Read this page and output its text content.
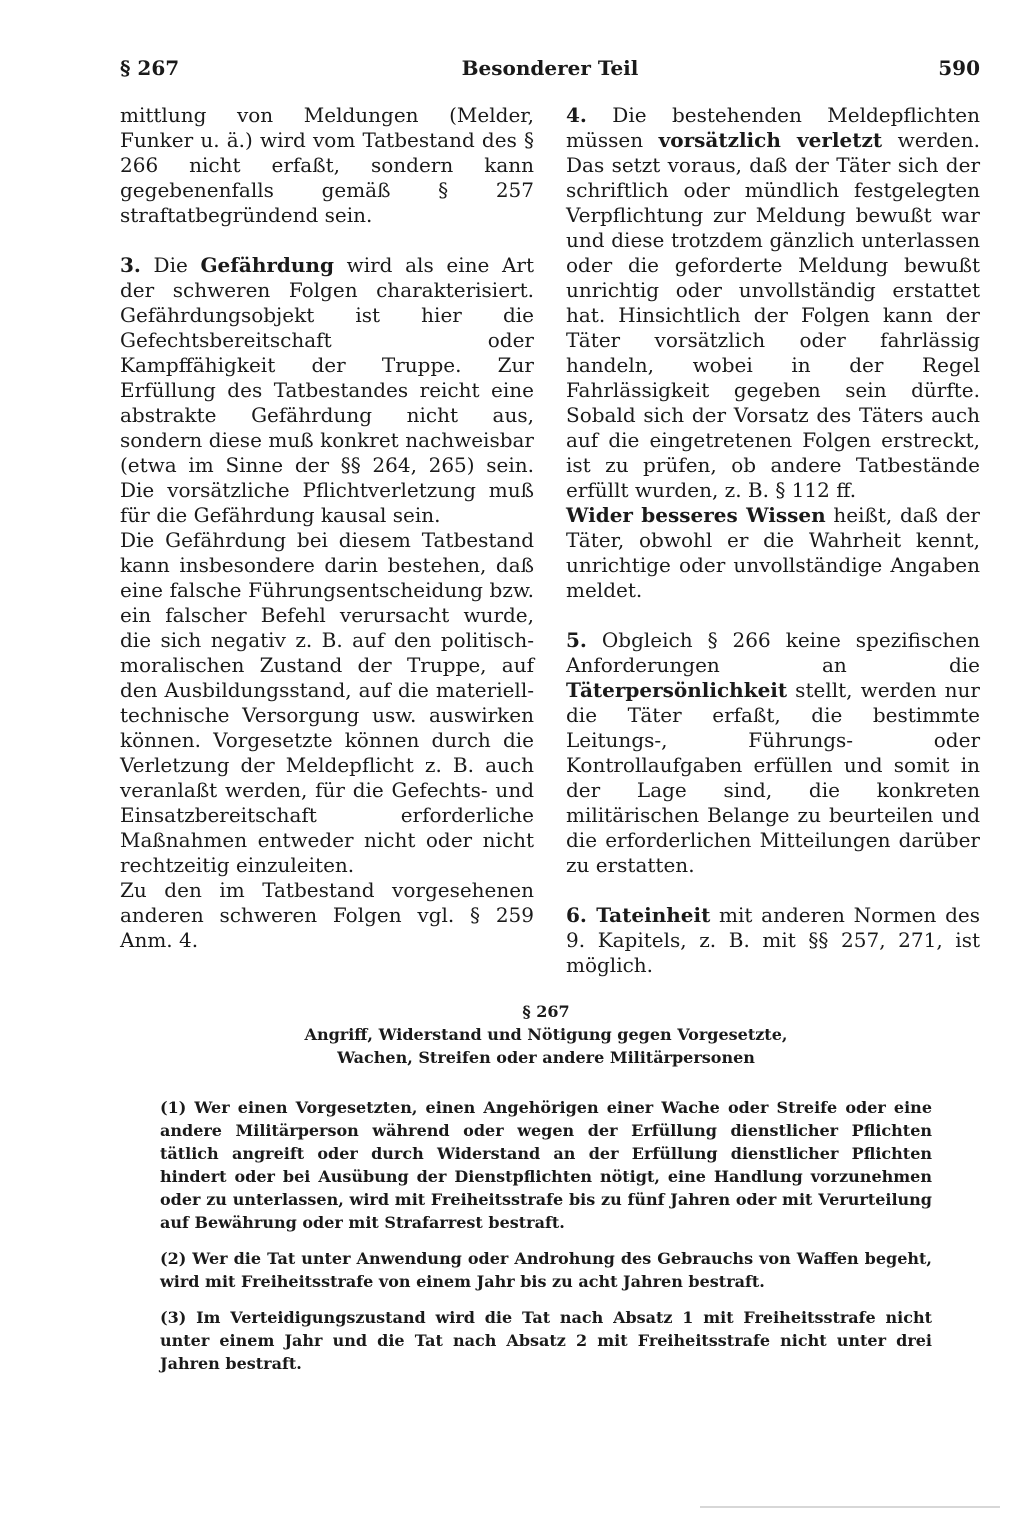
§ 267	Besonderer Teil	590

mittlung von Meldungen (Melder, Funker u. ä.) wird vom Tatbestand des § 266 nicht erfaßt, sondern kann gegebenenfalls gemäß § 257 straftatbegründend sein.

3. Die Gefährdung wird als eine Art der schweren Folgen charakterisiert. Gefährdungsobjekt ist hier die Gefechtsbereitschaft oder Kampffähigkeit der Truppe. Zur Erfüllung des Tatbestandes reicht eine abstrakte Gefährdung nicht aus, sondern diese muß konkret nachweisbar (etwa im Sinne der §§ 264, 265) sein. Die vorsätzliche Pflichtverletzung muß für die Gefährdung kausal sein.

Die Gefährdung bei diesem Tatbestand kann insbesondere darin bestehen, daß eine falsche Führungsentscheidung bzw. ein falscher Befehl verursacht wurde, die sich negativ z. B. auf den politisch-moralischen Zustand der Truppe, auf den Ausbildungsstand, auf die materiell-technische Versorgung usw. auswirken können. Vorgesetzte können durch die Verletzung der Meldepflicht z. B. auch veranlaßt werden, für die Gefechts- und Einsatzbereitschaft erforderliche Maßnahmen entweder nicht oder nicht rechtzeitig einzuleiten.

Zu den im Tatbestand vorgesehenen anderen schweren Folgen vgl. § 259 Anm. 4.

4. Die bestehenden Meldepflichten müssen vorsätzlich verletzt werden. Das setzt voraus, daß der Täter sich der schriftlich oder mündlich festgelegten Verpflichtung zur Meldung bewußt war und diese trotzdem gänzlich unterlassen oder die geforderte Meldung bewußt unrichtig oder unvollständig erstattet hat. Hinsichtlich der Folgen kann der Täter vorsätzlich oder fahrlässig handeln, wobei in der Regel Fahrlässigkeit gegeben sein dürfte. Sobald sich der Vorsatz des Täters auch auf die eingetretenen Folgen erstreckt, ist zu prüfen, ob andere Tatbestände erfüllt wurden, z. B. § 112 ff.

Wider besseres Wissen heißt, daß der Täter, obwohl er die Wahrheit kennt, unrichtige oder unvollständige Angaben meldet.

5. Obgleich § 266 keine spezifischen Anforderungen an die Täterpersönlichkeit stellt, werden nur die Täter erfaßt, die bestimmte Leitungs-, Führungs- oder Kontrollaufgaben erfüllen und somit in der Lage sind, die konkreten militärischen Belange zu beurteilen und die erforderlichen Mitteilungen darüber zu erstatten.

6. Tateinheit mit anderen Normen des 9. Kapitels, z. B. mit §§ 257, 271, ist möglich.

§ 267
Angriff, Widerstand und Nötigung gegen Vorgesetzte,
Wachen, Streifen oder andere Militärpersonen

(1) Wer einen Vorgesetzten, einen Angehörigen einer Wache oder Streife oder eine andere Militärperson während oder wegen der Erfüllung dienstlicher Pflichten tätlich angreift oder durch Widerstand an der Erfüllung dienstlicher Pflichten hindert oder bei Ausübung der Dienstpflichten nötigt, eine Handlung vorzunehmen oder zu unterlassen, wird mit Freiheitsstrafe bis zu fünf Jahren oder mit Verurteilung auf Bewährung oder mit Strafarrest bestraft.

(2) Wer die Tat unter Anwendung oder Androhung des Gebrauchs von Waffen begeht, wird mit Freiheitsstrafe von einem Jahr bis zu acht Jahren bestraft.

(3) Im Verteidigungszustand wird die Tat nach Absatz 1 mit Freiheitsstrafe nicht unter einem Jahr und die Tat nach Absatz 2 mit Freiheitsstrafe nicht unter drei Jahren bestraft.
